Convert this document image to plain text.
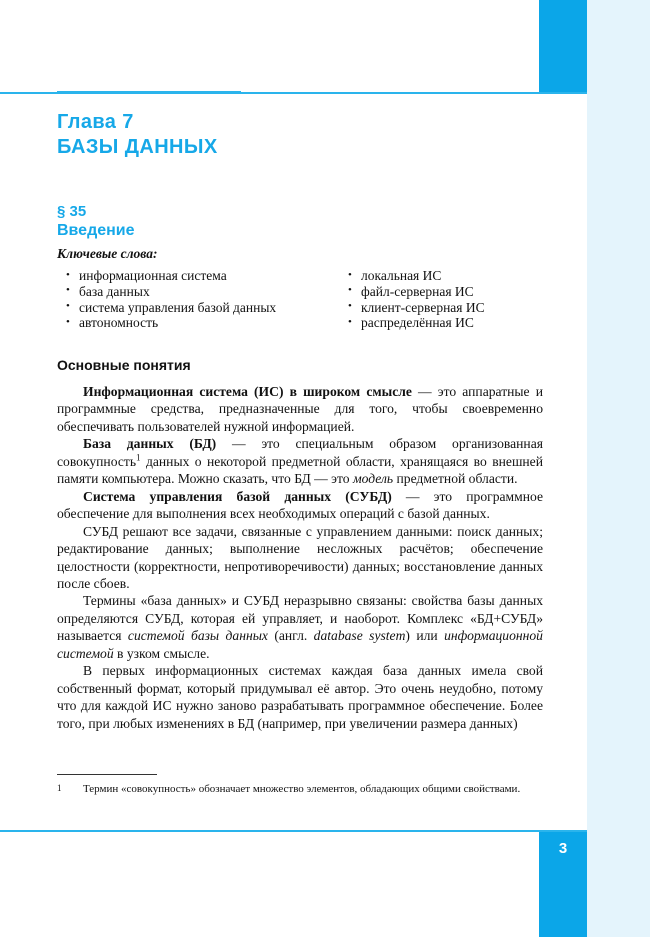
Глава 7
БАЗЫ ДАННЫХ
§ 35
Введение
Ключевые слова:
• информационная система
• база данных
• система управления базой данных
• автономность
• локальная ИС
• файл-серверная ИС
• клиент-серверная ИС
• распределённая ИС
Основные понятия

Информационная система (ИС) в широком смысле — это аппаратные и программные средства, предназначенные для того, чтобы своевременно обеспечивать пользователей нужной информацией.

База данных (БД) — это специальным образом организованная совокупность$^1$ данных о некоторой предметной области, хранящаяся во внешней памяти компьютера. Можно сказать, что БД — это модель предметной области.

Система управления базой данных (СУБД) — это программное обеспечение для выполнения всех необходимых операций с базой данных.

СУБД решают все задачи, связанные с управлением данными: поиск данных; редактирование данных; выполнение несложных расчётов; обеспечение целостности (корректности, непротиворечивости) данных; восстановление данных после сбоев.

Термины «база данных» и СУБД неразрывно связаны: свойства базы данных определяются СУБД, которая ей управляет, и наоборот. Комплекс «БД+СУБД» называется системой базы данных (англ. database system) или информационной системой в узком смысле.

В первых информационных системах каждая база данных имела свой собственный формат, который придумывал её автор. Это очень неудобно, потому что для каждой ИС нужно заново разрабатывать программное обеспечение. Более того, при любых изменениях в БД (например, при увеличении размера данных)

1	Термин «совокупность» обозначает множество элементов, обладающих общими свойствами.
3
